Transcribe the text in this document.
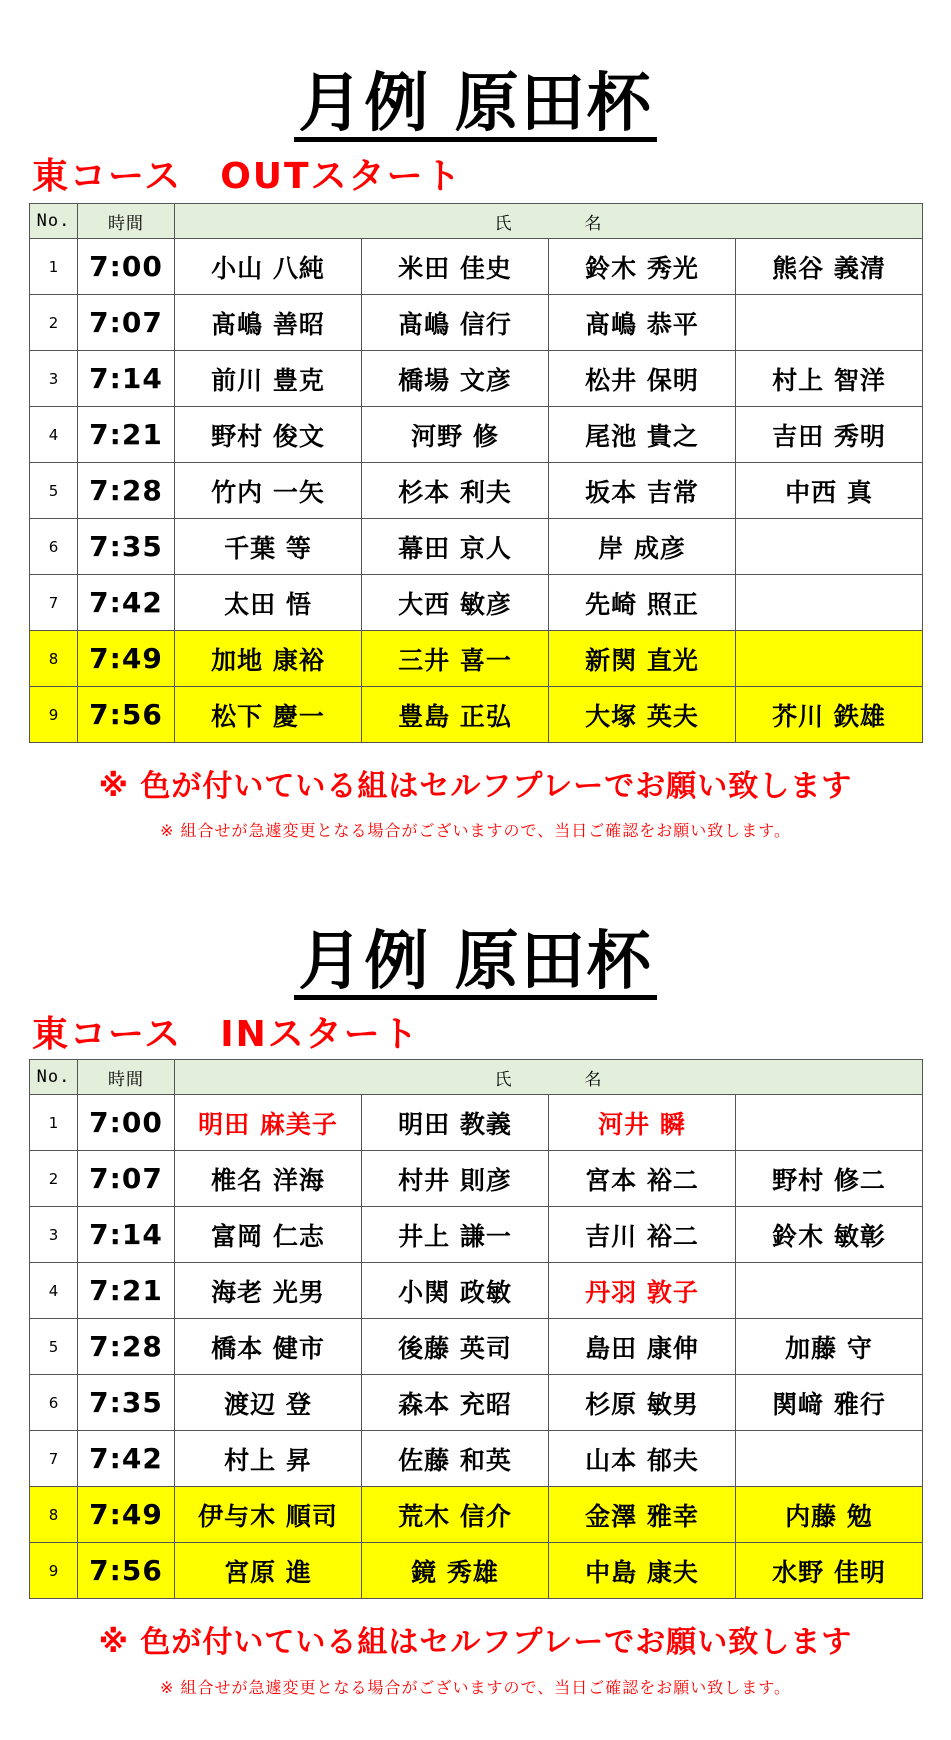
月例 原田杯
東コース　OUTスタート
No.	時間	氏 名			
1	7:00	小山 八純	米田 佳史	鈴木 秀光	熊谷 義清
2	7:07	髙嶋 善昭	髙嶋 信行	髙嶋 恭平	
3	7:14	前川 豊克	橋場 文彦	松井 保明	村上 智洋
4	7:21	野村 俊文	河野 修	尾池 貴之	吉田 秀明
5	7:28	竹内 一矢	杉本 利夫	坂本 吉常	中西 真
6	7:35	千葉 等	幕田 京人	岸 成彦	
7	7:42	太田 悟	大西 敏彦	先崎 照正	
8	7:49	加地 康裕	三井 喜一	新関 直光	
9	7:56	松下 慶一	豊島 正弘	大塚 英夫	芥川 鉄雄
※ 色が付いている組はセルフプレーでお願い致します
※ 組合せが急遽変更となる場合がございますので、当日ご確認をお願い致します。
月例 原田杯
東コース　INスタート
No.	時間	氏 名			
1	7:00	明田 麻美子	明田 教義	河井 瞬	
2	7:07	椎名 洋海	村井 則彦	宮本 裕二	野村 修二
3	7:14	富岡 仁志	井上 謙一	吉川 裕二	鈴木 敏彰
4	7:21	海老 光男	小関 政敏	丹羽 敦子	
5	7:28	橋本 健市	後藤 英司	島田 康伸	加藤 守
6	7:35	渡辺 登	森本 充昭	杉原 敏男	関﨑 雅行
7	7:42	村上 昇	佐藤 和英	山本 郁夫	
8	7:49	伊与木 順司	荒木 信介	金澤 雅幸	内藤 勉
9	7:56	宮原 進	鏡 秀雄	中島 康夫	水野 佳明
※ 色が付いている組はセルフプレーでお願い致します
※ 組合せが急遽変更となる場合がございますので、当日ご確認をお願い致します。
